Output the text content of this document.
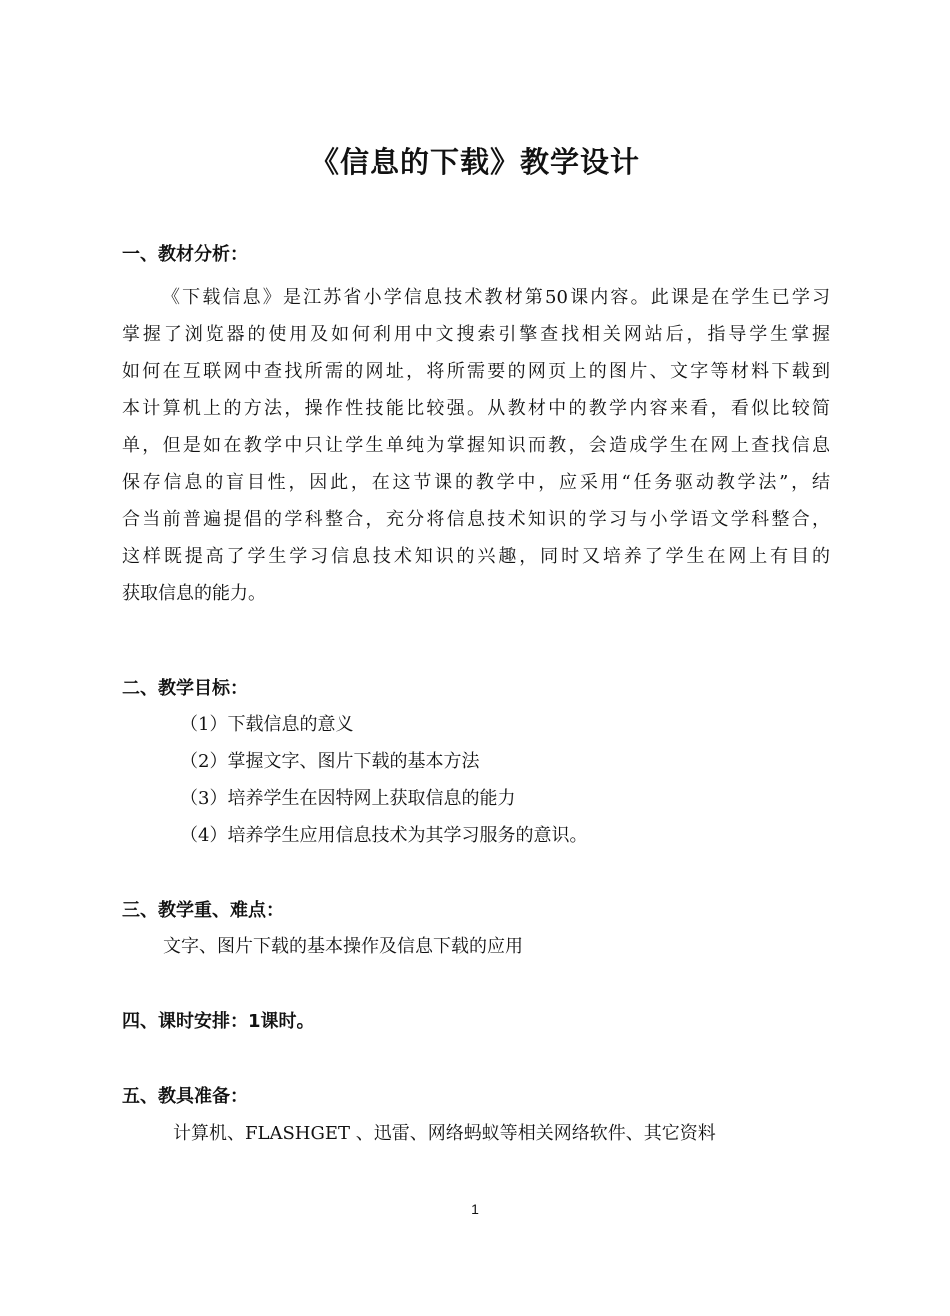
《信息的下载》教学设计
一、教材分析：
《下载信息》是江苏省小学信息技术教材第50课内容。此课是在学生已学习
掌握了浏览器的使用及如何利用中文搜索引擎查找相关网站后，指导学生掌握
如何在互联网中查找所需的网址，将所需要的网页上的图片、文字等材料下载到
本计算机上的方法，操作性技能比较强。从教材中的教学内容来看，看似比较简
单，但是如在教学中只让学生单纯为掌握知识而教，会造成学生在网上查找信息
保存信息的盲目性，因此，在这节课的教学中，应采用“任务驱动教学法”，结
合当前普遍提倡的学科整合，充分将信息技术知识的学习与小学语文学科整合，
这样既提高了学生学习信息技术知识的兴趣，同时又培养了学生在网上有目的
获取信息的能力。
二、教学目标：

（1）下载信息的意义

（2）掌握文字、图片下载的基本方法

（3）培养学生在因特网上获取信息的能力

（4）培养学生应用信息技术为其学习服务的意识。

三、教学重、难点：

文字、图片下载的基本操作及信息下载的应用

四、课时安排：1课时。
五、教具准备：

计算机、FLASHGET 、迅雷、网络蚂蚁等相关网络软件、其它资料

1
